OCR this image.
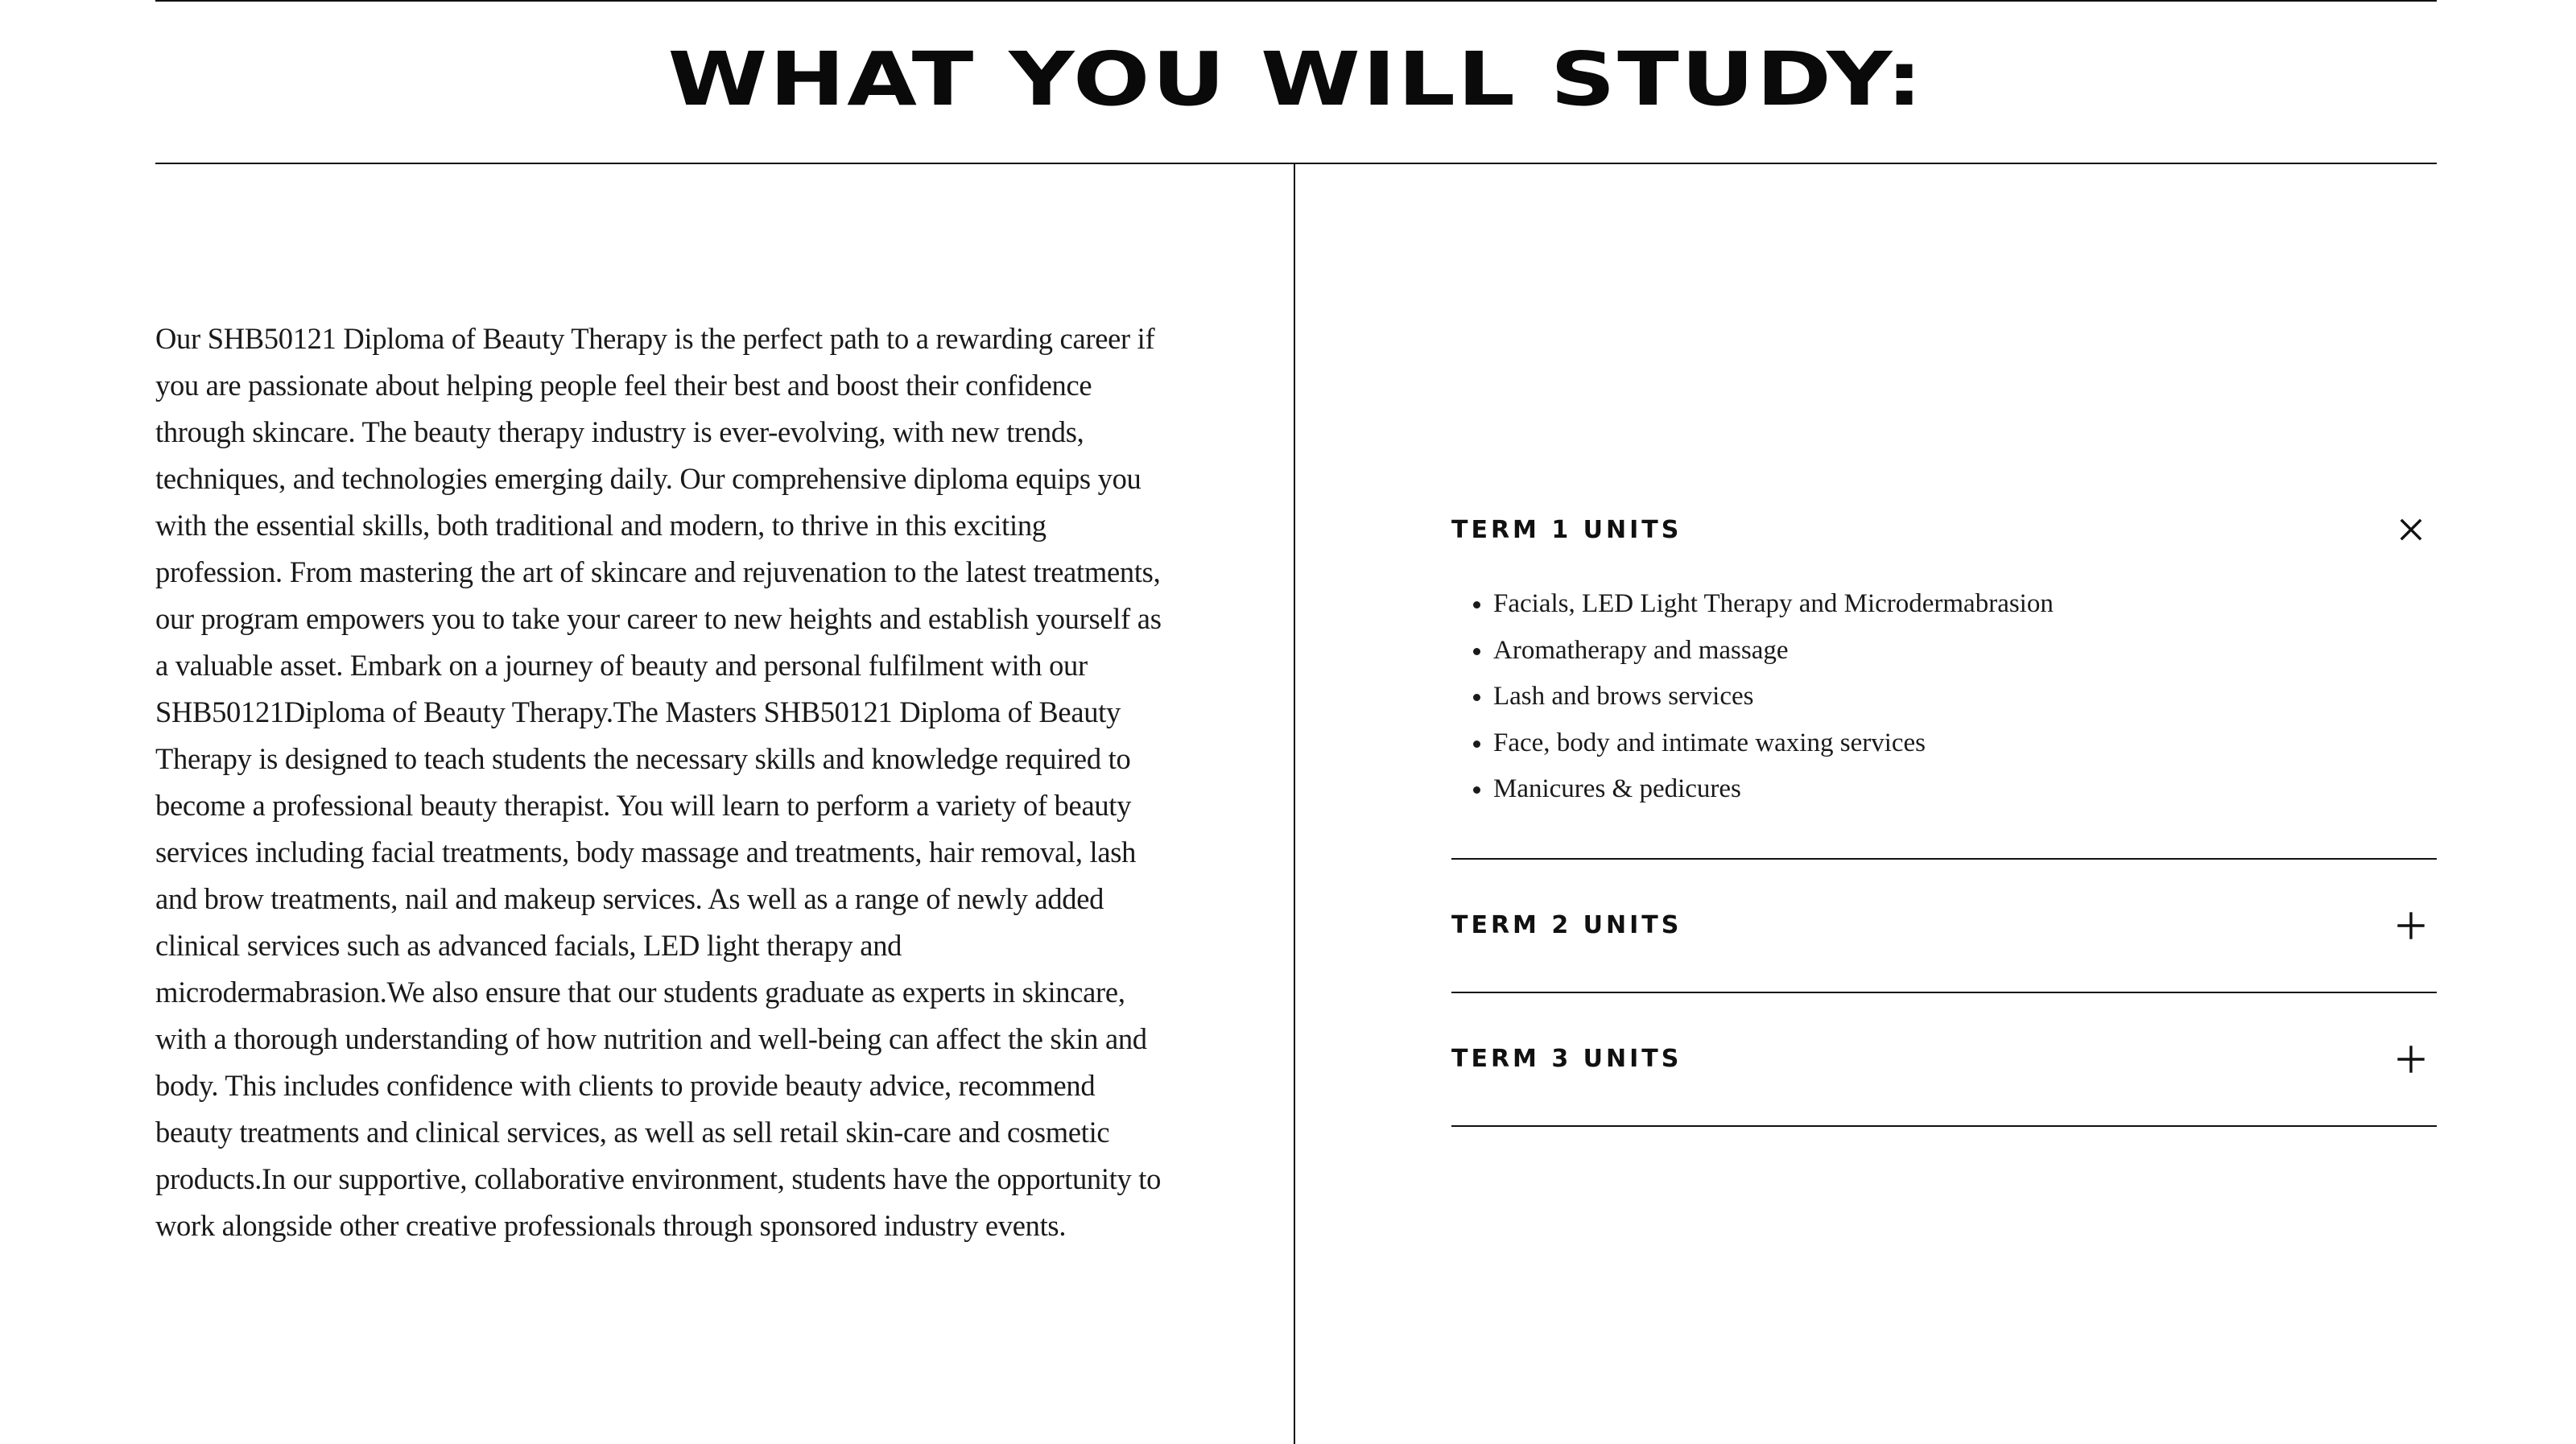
WHAT YOU WILL STUDY:

Our SHB50121 Diploma of Beauty Therapy is the perfect path to a rewarding career if you are passionate about helping people feel their best and boost their confidence through skincare. The beauty therapy industry is ever-evolving, with new trends, techniques, and technologies emerging daily. Our comprehensive diploma equips you with the essential skills, both traditional and modern, to thrive in this exciting profession. From mastering the art of skincare and rejuvenation to the latest treatments, our program empowers you to take your career to new heights and establish yourself as a valuable asset. Embark on a journey of beauty and personal fulfilment with our SHB50121Diploma of Beauty Therapy.The Masters SHB50121 Diploma of Beauty Therapy is designed to teach students the necessary skills and knowledge required to become a professional beauty therapist. You will learn to perform a variety of beauty services including facial treatments, body massage and treatments, hair removal, lash and brow treatments, nail and makeup services. As well as a range of newly added clinical services such as advanced facials, LED light therapy and microdermabrasion.We also ensure that our students graduate as experts in skincare, with a thorough understanding of how nutrition and well-being can affect the skin and body. This includes confidence with clients to provide beauty advice, recommend beauty treatments and clinical services, as well as sell retail skin-care and cosmetic products.In our supportive, collaborative environment, students have the opportunity to work alongside other creative professionals through sponsored industry events.

TERM 1 UNITS
• Facials, LED Light Therapy and Microdermabrasion
• Aromatherapy and massage
• Lash and brows services
• Face, body and intimate waxing services
• Manicures & pedicures
TERM 2 UNITS
TERM 3 UNITS
